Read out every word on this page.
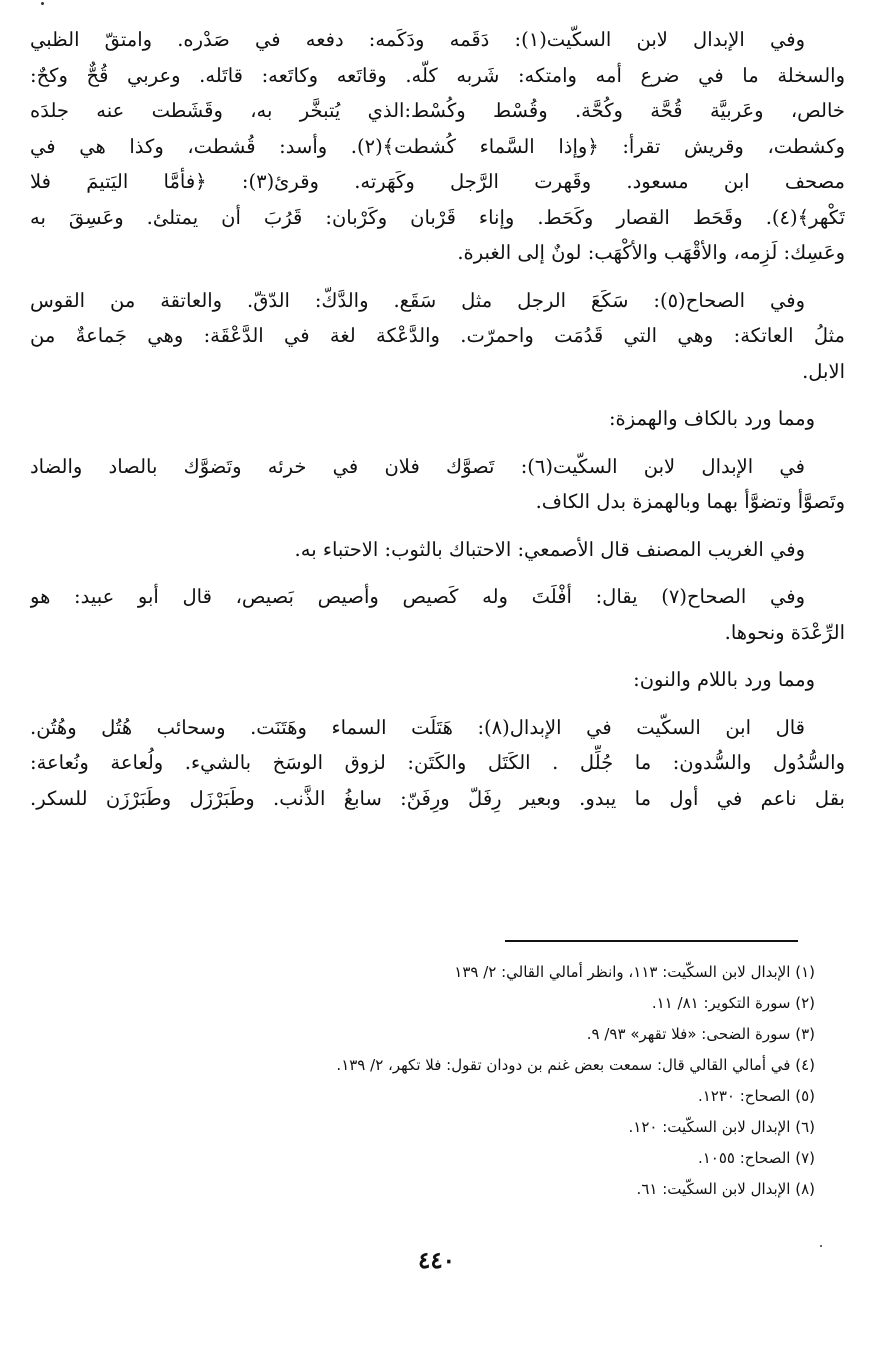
وفي الإبدال لابن السكّيت(١): دَقَمه ودَكَمه: دفعه في صَدْره. وامتقّ الظبي
والسخلة ما في ضرع أمه وامتكه: شَربه كلّه. وقاتَعه وكاتَعه: قاتَله. وعربي قُحٌّ وكحٌ:
خالص، وعَربيَّة قُحَّة وكُحَّة. وقُسْط وكُسْط:الذي يُتبخَّر به، وقَشَطت عنه جلدَه
وكشطت، وقريش تقرأ: ﴿وإذا السَّماء كُشطت﴾(٢). وأسد: قُشطت، وكذا هي في
مصحف ابن مسعود. وقَهرت الرَّجل وكَهَرته. وقرئ(٣): ﴿فأمَّا اليَتيمَ فلا
تَكْهر﴾(٤). وقَحَط القصار وكَحَط. وإناء قَرْبان وكَرْبان: قَرُبَ أن يمتلئ. وعَسِقَ به
وعَسِك: لَزِمه، والأقْهَب والأكْهَب: لونٌ إلى الغبرة.
وفي الصحاح(٥): سَكَعَ الرجل مثل سَقَع. والدَّكّ: الدّقّ. والعاتقة من القوس
مثلُ العاتكة: وهي التي قَدُمَت واحمرّت. والدَّعْكة لغة في الدَّعْقَة: وهي جَماعةٌ من
الابل.
ومما ورد بالكاف والهمزة:
في الإبدال لابن السكّيت(٦): تَصوَّك فلان في خرئه وتَضوَّك بالصاد والضاد
وتَصوَّأ وتضوَّأ بهما وبالهمزة بدل الكاف.
وفي الغريب المصنف قال الأصمعي: الاحتباك بالثوب: الاحتباء به.
وفي الصحاح(٧) يقال: أفْلَتَ وله كَصيص وأصيص بَصيص، قال أبو عبيد: هو
الرِّعْدَة ونحوها.
ومما ورد باللام والنون:
قال ابن السكّيت في الإبدال(٨): هَتَلَت السماء وهَتَنَت. وسحائب هُتُل وهُتُن.
والسُّدُول والسُّدون: ما جُلِّل . الكَتَل والكَتَن: لزوق الوسَخ بالشيء. ولُعاعة ونُعاعة:
بقل ناعم في أول ما يبدو. وبعير رِفَلّ ورِفَنّ: سابغُ الذَّنب. وطَبَرْزَل وطَبَرْزَن للسكر.
(١) الإبدال لابن السكّيت: ١١٣، وانظر أمالي القالي: ٢/ ١٣٩
(٢) سورة التكوير: ٨١/ ١١.
(٣) سورة الضحى: «فلا تقهر» ٩٣/ ٩.
(٤) في أمالي القالي قال: سمعت بعض غنم بن دودان تقول: فلا تكهر، ٢/ ١٣٩.
(٥) الصحاح: ١٢٣٠.
(٦) الإبدال لابن السكّيت: ١٢٠.
(٧) الصحاح: ١٠٥٥.
(٨) الإبدال لابن السكّيت: ٦١.
٤٤٠
